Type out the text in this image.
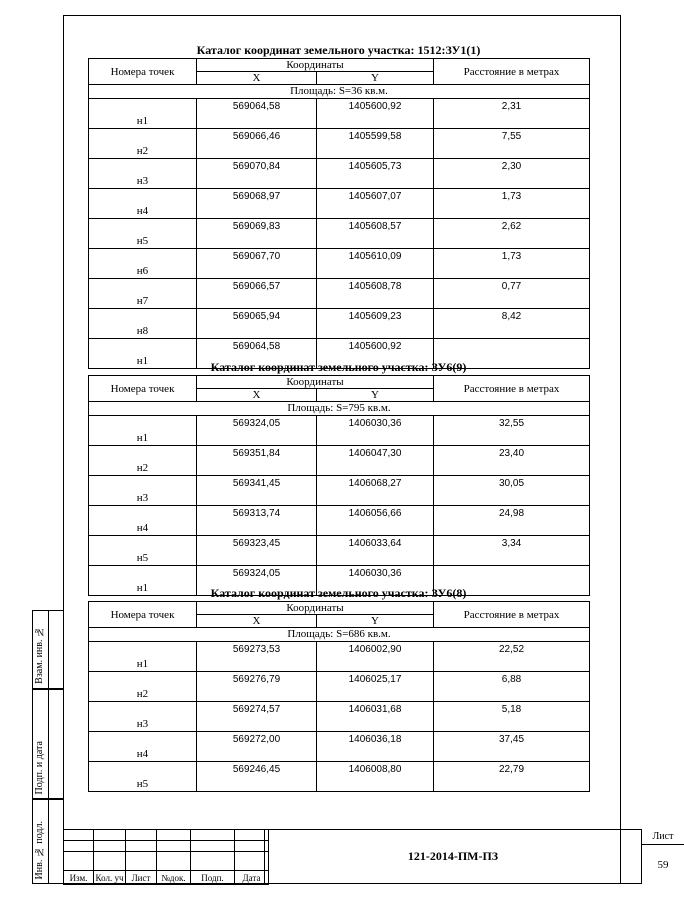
Каталог координат земельного участка: 1512:ЗУ1(1)
Номера точек	Координаты		Расстояние в метрах
	X	Y	
Площадь: S=36 кв.м.			
н1	569064,58	1405600,92	2,31
н2	569066,46	1405599,58	7,55
н3	569070,84	1405605,73	2,30
н4	569068,97	1405607,07	1,73
н5	569069,83	1405608,57	2,62
н6	569067,70	1405610,09	1,73
н7	569066,57	1405608,78	0,77
н8	569065,94	1405609,23	8,42
н1	569064,58	1405600,92	
Каталог координат земельного участка: ЗУ6(9)
Номера точек	Координаты		Расстояние в метрах
	X	Y	
Площадь: S=795 кв.м.			
н1	569324,05	1406030,36	32,55
н2	569351,84	1406047,30	23,40
н3	569341,45	1406068,27	30,05
н4	569313,74	1406056,66	24,98
н5	569323,45	1406033,64	3,34
н1	569324,05	1406030,36	
Каталог координат земельного участка: ЗУ6(8)
Номера точек	Координаты		Расстояние в метрах
	X	Y	
Площадь: S=686 кв.м.			
н1	569273,53	1406002,90	22,52
н2	569276,79	1406025,17	6,88
н3	569274,57	1406031,68	5,18
н4	569272,00	1406036,18	37,45
н5	569246,45	1406008,80	22,79
Взам. инв. №
Подп. и дата
Инв. № подл.

						Изм.	Кол. уч	Лист	№док.	Подп.	Дата
121-2014-ПМ-ПЗ
Лист
59
